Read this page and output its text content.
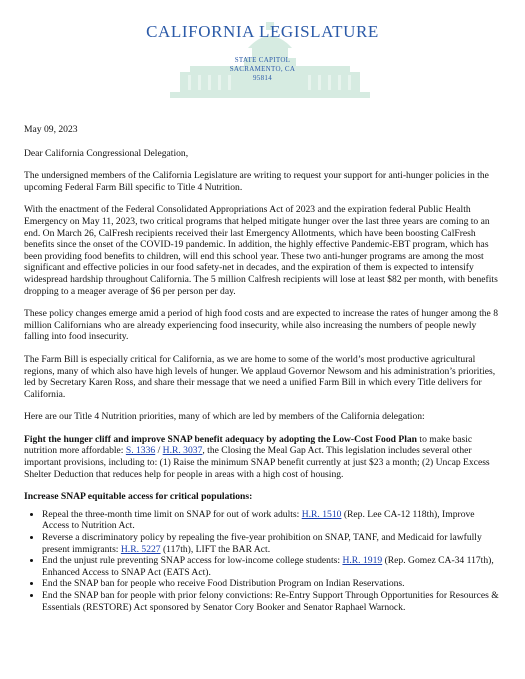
CALIFORNIA LEGISLATURE
STATE CAPITOL
SACRAMENTO, CA
95814

May 09, 2023

Dear California Congressional Delegation,

The undersigned members of the California Legislature are writing to request your support for anti-hunger policies in the upcoming Federal Farm Bill specific to Title 4 Nutrition.

With the enactment of the Federal Consolidated Appropriations Act of 2023 and the expiration federal Public Health Emergency on May 11, 2023, two critical programs that helped mitigate hunger over the last three years are coming to an end. On March 26, CalFresh recipients received their last Emergency Allotments, which have been boosting CalFresh benefits since the onset of the COVID-19 pandemic. In addition, the highly effective Pandemic-EBT program, which has been providing food benefits to children, will end this school year. These two anti-hunger programs are among the most significant and effective policies in our food safety-net in decades, and the expiration of them is expected to intensify widespread hardship throughout California. The 5 million Calfresh recipients will lose at least $82 per month, with benefits dropping to a meager average of $6 per person per day.

These policy changes emerge amid a period of high food costs and are expected to increase the rates of hunger among the 8 million Californians who are already experiencing food insecurity, while also increasing the numbers of people newly falling into food insecurity.

The Farm Bill is especially critical for California, as we are home to some of the world’s most productive agricultural regions, many of which also have high levels of hunger. We applaud Governor Newsom and his administration’s priorities, led by Secretary Karen Ross, and share their message that we need a unified Farm Bill in which every Title delivers for California.

Here are our Title 4 Nutrition priorities, many of which are led by members of the California delegation:

Fight the hunger cliff and improve SNAP benefit adequacy by adopting the Low-Cost Food Plan to make basic nutrition more affordable: S. 1336 / H.R. 3037, the Closing the Meal Gap Act. This legislation includes several other important provisions, including to: (1) Raise the minimum SNAP benefit currently at just $23 a month; (2) Uncap Excess Shelter Deduction that reduces help for people in areas with a high cost of housing.

Increase SNAP equitable access for critical populations:

• Repeal the three-month time limit on SNAP for out of work adults: H.R. 1510 (Rep. Lee CA-12 118th), Improve Access to Nutrition Act.
• Reverse a discriminatory policy by repealing the five-year prohibition on SNAP, TANF, and Medicaid for lawfully present immigrants: H.R. 5227 (117th), LIFT the BAR Act.
• End the unjust rule preventing SNAP access for low-income college students: H.R. 1919 (Rep. Gomez CA-34 117th), Enhanced Access to SNAP Act (EATS Act).
• End the SNAP ban for people who receive Food Distribution Program on Indian Reservations.
• End the SNAP ban for people with prior felony convictions: Re-Entry Support Through Opportunities for Resources & Essentials (RESTORE) Act sponsored by Senator Cory Booker and Senator Raphael Warnock.
